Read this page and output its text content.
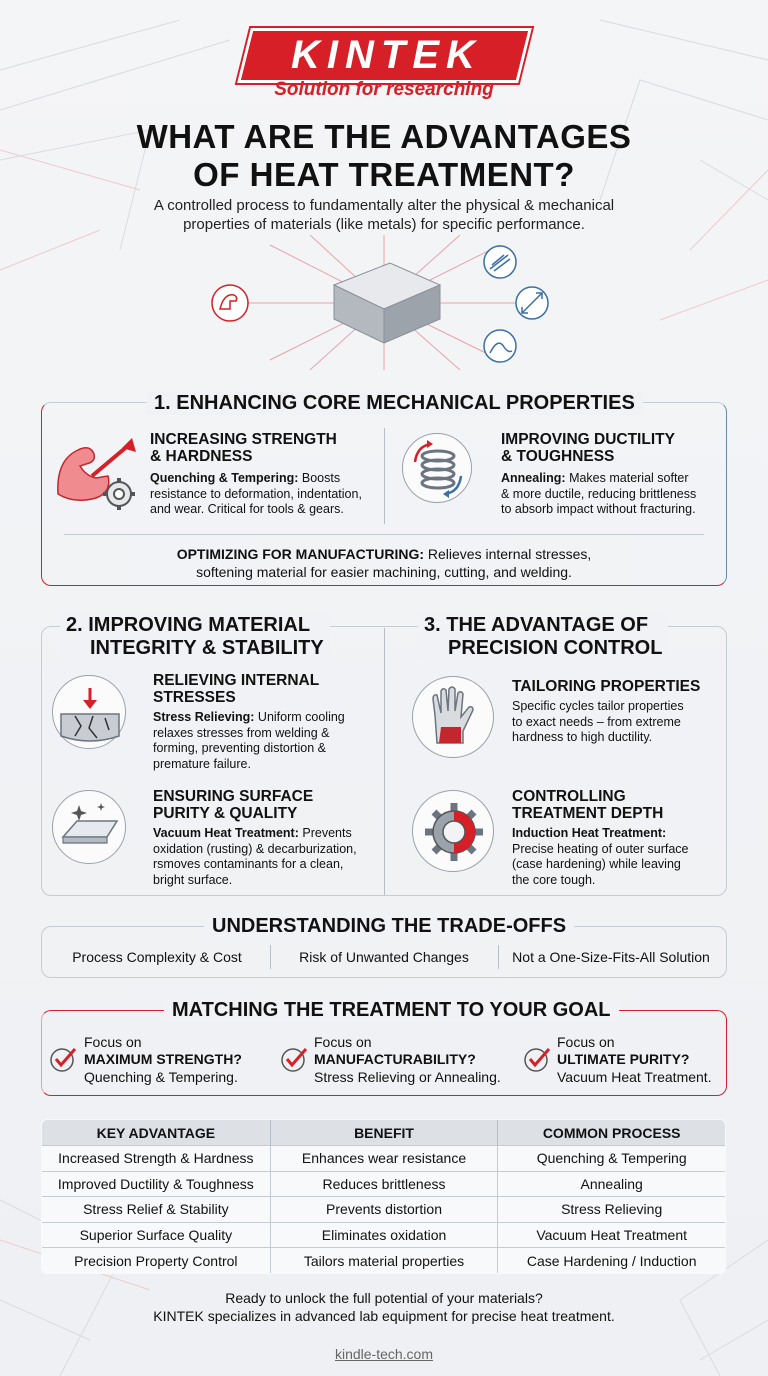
KINTEK
Solution for researching
WHAT ARE THE ADVANTAGES
OF HEAT TREATMENT?
A controlled process to fundamentally alter the physical & mechanical
properties of materials (like metals) for specific performance.
1. ENHANCING CORE MECHANICAL PROPERTIES
INCREASING STRENGTH
& HARDNESS
Quenching & Tempering: Boosts
resistance to deformation, indentation,
and wear. Critical for tools & gears.
IMPROVING DUCTILITY
& TOUGHNESS
Annealing: Makes material softer
& more ductile, reducing brittleness
to absorb impact without fracturing.
OPTIMIZING FOR MANUFACTURING: Relieves internal stresses,
softening material for easier machining, cutting, and welding.
2. IMPROVING MATERIAL
INTEGRITY & STABILITY
RELIEVING INTERNAL
STRESSES
Stress Relieving: Uniform cooling
relaxes stresses from welding &
forming, preventing distortion &
premature failure.
ENSURING SURFACE
PURITY & QUALITY
Vacuum Heat Treatment: Prevents
oxidation (rusting) & decarburization,
rsmoves contaminants for a clean,
bright surface.
3. THE ADVANTAGE OF
PRECISION CONTROL
TAILORING PROPERTIES
Specific cycles tailor properties
to exact needs – from extreme
hardness to high ductility.
CONTROLLING
TREATMENT DEPTH
Induction Heat Treatment:
Precise heating of outer surface
(case hardening) while leaving
the core tough.
UNDERSTANDING THE TRADE-OFFS
Process Complexity & Cost	Risk of Unwanted Changes	Not a One-Size-Fits-All Solution
MATCHING THE TREATMENT TO YOUR GOAL
Focus on
MAXIMUM STRENGTH?
Quenching & Tempering.
Focus on
MANUFACTURABILITY?
Stress Relieving or Annealing.
Focus on
ULTIMATE PURITY?
Vacuum Heat Treatment.
KEY ADVANTAGE	BENEFIT	COMMON PROCESS
Increased Strength & Hardness	Enhances wear resistance	Quenching & Tempering
Improved Ductility & Toughness	Reduces brittleness	Annealing
Stress Relief & Stability	Prevents distortion	Stress Relieving
Superior Surface Quality	Eliminates oxidation	Vacuum Heat Treatment
Precision Property Control	Tailors material properties	Case Hardening / Induction
Ready to unlock the full potential of your materials?
KINTEK specializes in advanced lab equipment for precise heat treatment.
kindle-tech.com
